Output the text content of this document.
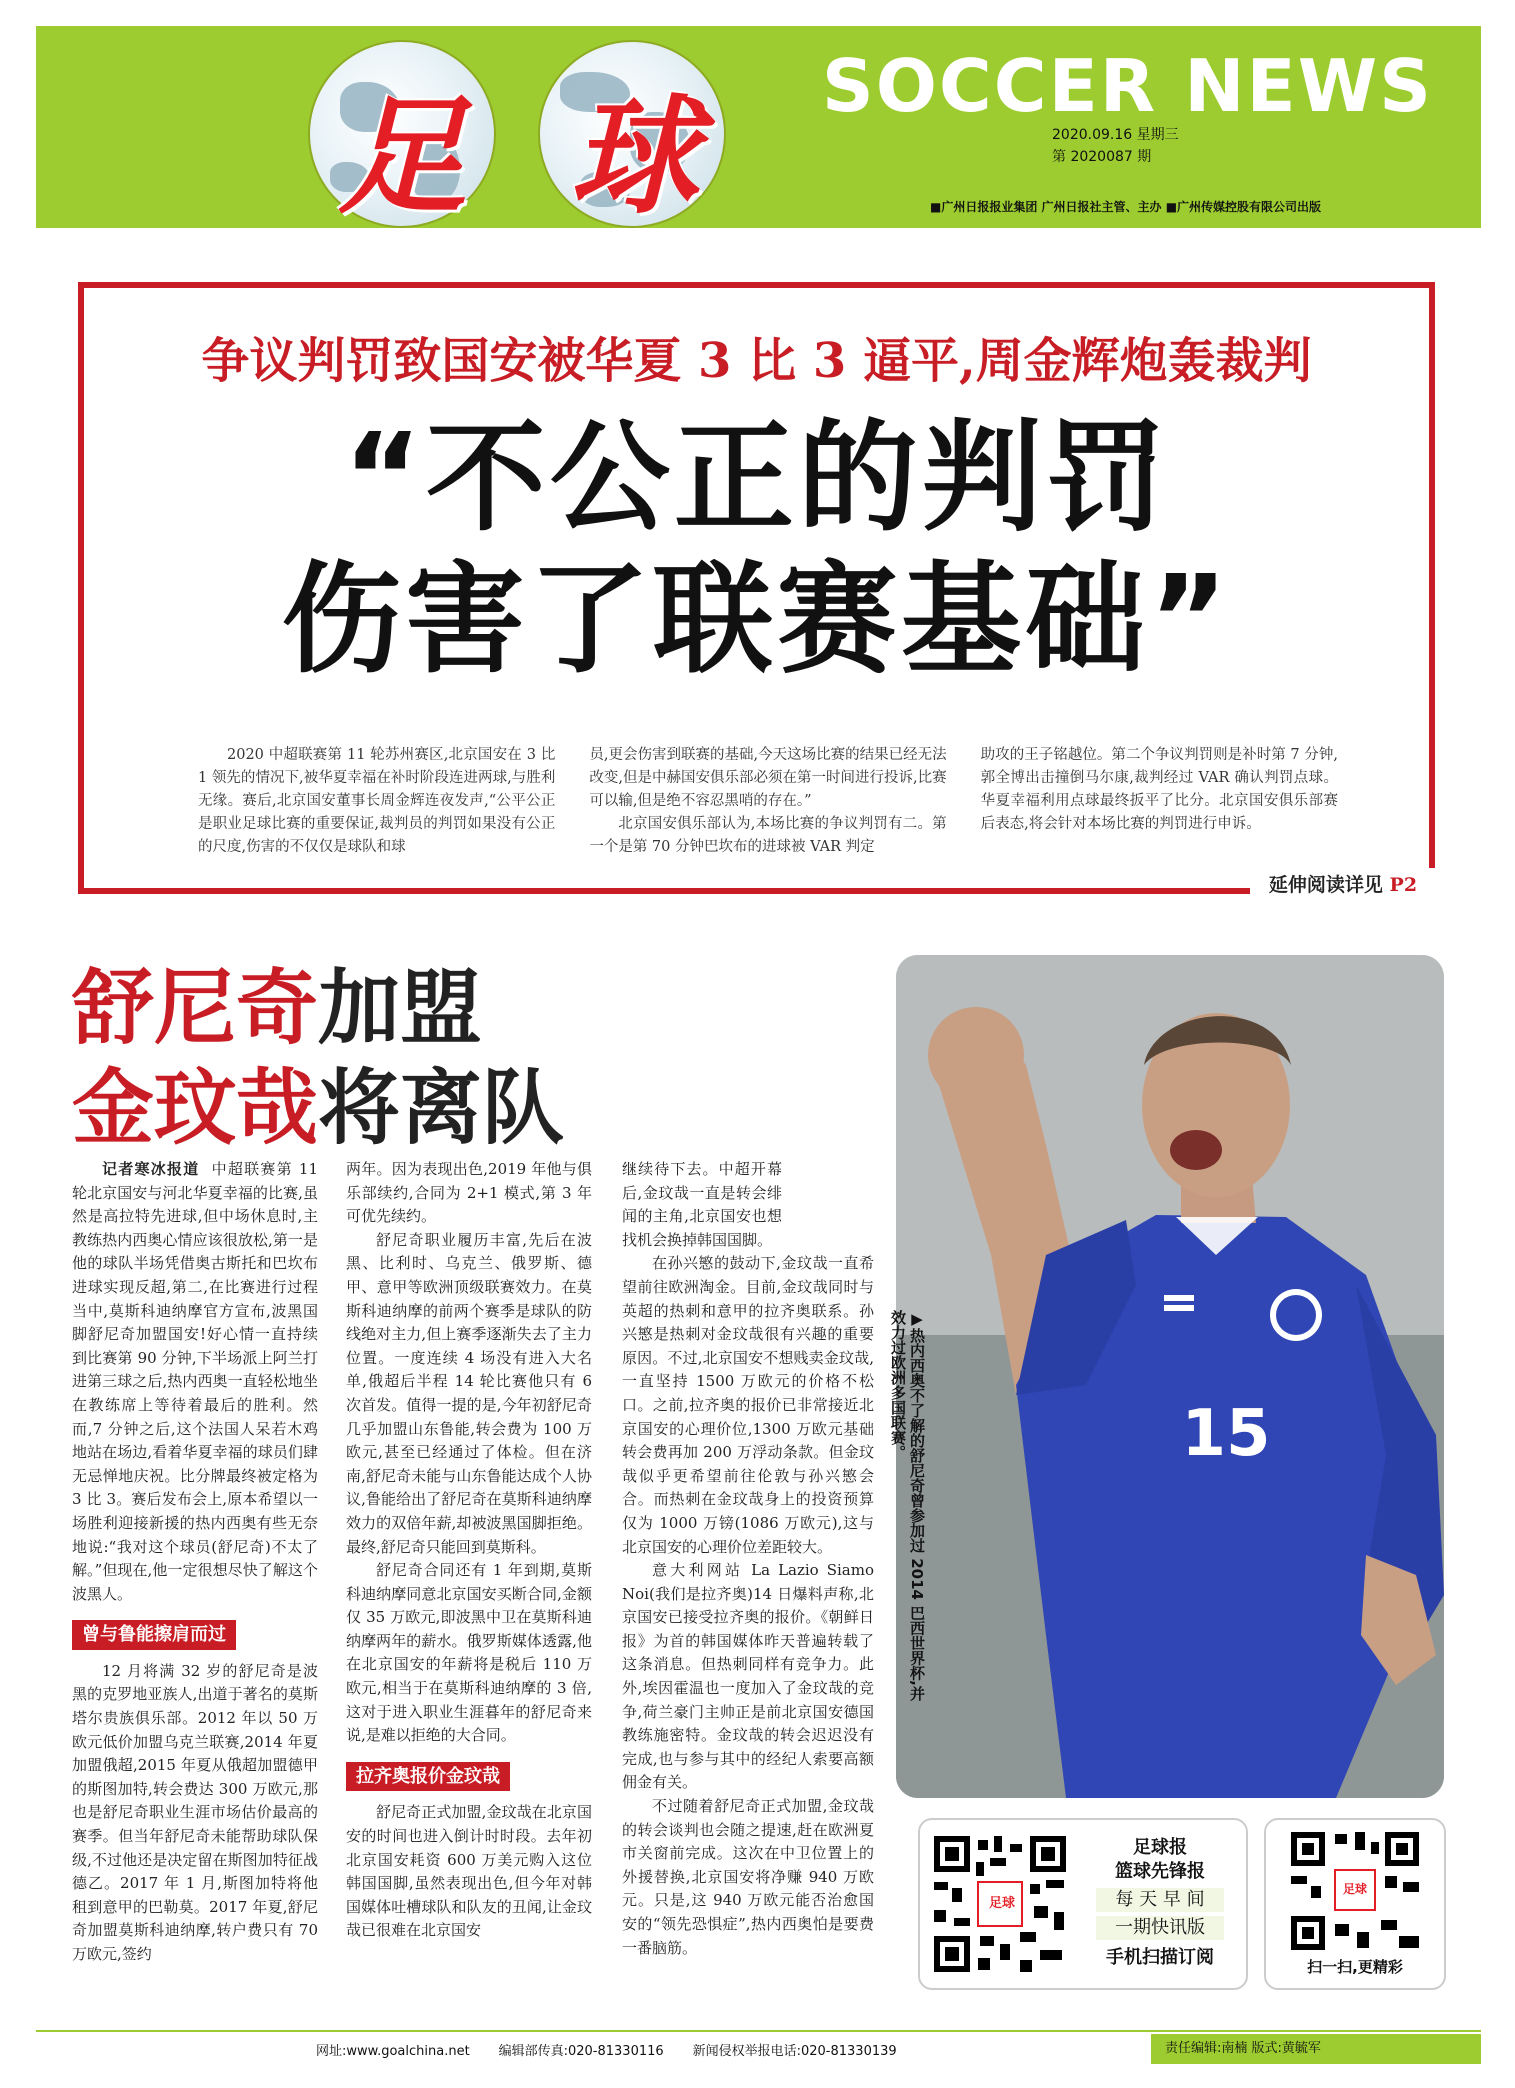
足 球 SOCCER NEWS
2020.09.16 星期三
第 2020087 期
■广州日报报业集团 广州日报社主管、主办 ■广州传媒控股有限公司出版
争议判罚致国安被华夏 3 比 3 逼平,周金辉炮轰裁判
“不公正的判罚
伤害了联赛基础”

2020 中超联赛第 11 轮苏州赛区,北京国安在 3 比 1 领先的情况下,被华夏幸福在补时阶段连进两球,与胜利无缘。赛后,北京国安董事长周金辉连夜发声,“公平公正是职业足球比赛的重要保证,裁判员的判罚如果没有公正的尺度,伤害的不仅仅是球队和球

员,更会伤害到联赛的基础,今天这场比赛的结果已经无法改变,但是中赫国安俱乐部必须在第一时间进行投诉,比赛可以输,但是绝不容忍黑哨的存在。”

北京国安俱乐部认为,本场比赛的争议判罚有二。第一个是第 70 分钟巴坎布的进球被 VAR 判定

助攻的王子铭越位。第二个争议判罚则是补时第 7 分钟,郭全博出击撞倒马尔康,裁判经过 VAR 确认判罚点球。华夏幸福利用点球最终扳平了比分。北京国安俱乐部赛后表态,将会针对本场比赛的判罚进行申诉。

延伸阅读详见 P2
舒尼奇加盟
金玟哉将离队

记者寒冰报道 中超联赛第 11 轮北京国安与河北华夏幸福的比赛,虽然是高拉特先进球,但中场休息时,主教练热内西奥心情应该很放松,第一是他的球队半场凭借奥古斯托和巴坎布进球实现反超,第二,在比赛进行过程当中,莫斯科迪纳摩官方宣布,波黑国脚舒尼奇加盟国安!好心情一直持续到比赛第 90 分钟,下半场派上阿兰打进第三球之后,热内西奥一直轻松地坐在教练席上等待着最后的胜利。然而,7 分钟之后,这个法国人呆若木鸡地站在场边,看着华夏幸福的球员们肆无忌惮地庆祝。比分牌最终被定格为 3 比 3。赛后发布会上,原本希望以一场胜利迎接新援的热内西奥有些无奈地说:“我对这个球员(舒尼奇)不太了解。”但现在,他一定很想尽快了解这个波黑人。

曾与鲁能擦肩而过

12 月将满 32 岁的舒尼奇是波黑的克罗地亚族人,出道于著名的莫斯塔尔贵族俱乐部。2012 年以 50 万欧元低价加盟乌克兰联赛,2014 年夏加盟俄超,2015 年夏从俄超加盟德甲的斯图加特,转会费达 300 万欧元,那也是舒尼奇职业生涯市场估价最高的赛季。但当年舒尼奇未能帮助球队保级,不过他还是决定留在斯图加特征战德乙。2017 年 1 月,斯图加特将他租到意甲的巴勒莫。2017 年夏,舒尼奇加盟莫斯科迪纳摩,转户费只有 70 万欧元,签约

两年。因为表现出色,2019 年他与俱乐部续约,合同为 2+1 模式,第 3 年可优先续约。

舒尼奇职业履历丰富,先后在波黑、比利时、乌克兰、俄罗斯、德甲、意甲等欧洲顶级联赛效力。在莫斯科迪纳摩的前两个赛季是球队的防线绝对主力,但上赛季逐渐失去了主力位置。一度连续 4 场没有进入大名单,俄超后半程 14 轮比赛他只有 6 次首发。值得一提的是,今年初舒尼奇几乎加盟山东鲁能,转会费为 100 万欧元,甚至已经通过了体检。但在济南,舒尼奇未能与山东鲁能达成个人协议,鲁能给出了舒尼奇在莫斯科迪纳摩效力的双倍年薪,却被波黑国脚拒绝。最终,舒尼奇只能回到莫斯科。

舒尼奇合同还有 1 年到期,莫斯科迪纳摩同意北京国安买断合同,金额仅 35 万欧元,即波黑中卫在莫斯科迪纳摩两年的薪水。俄罗斯媒体透露,他在北京国安的年薪将是税后 110 万欧元,相当于在莫斯科迪纳摩的 3 倍,这对于进入职业生涯暮年的舒尼奇来说,是难以拒绝的大合同。

拉齐奥报价金玟哉

舒尼奇正式加盟,金玟哉在北京国安的时间也进入倒计时时段。去年初北京国安耗资 600 万美元购入这位韩国国脚,虽然表现出色,但今年对韩国媒体吐槽球队和队友的丑闻,让金玟哉已很难在北京国安

继续待下去。中超开幕后,金玟哉一直是转会绯闻的主角,北京国安也想找机会换掉韩国国脚。

在孙兴慜的鼓动下,金玟哉一直希望前往欧洲淘金。目前,金玟哉同时与英超的热刺和意甲的拉齐奥联系。孙兴慜是热刺对金玟哉很有兴趣的重要原因。不过,北京国安不想贱卖金玟哉,一直坚持 1500 万欧元的价格不松口。之前,拉齐奥的报价已非常接近北京国安的心理价位,1300 万欧元基础转会费再加 200 万浮动条款。但金玟哉似乎更希望前往伦敦与孙兴慜会合。而热刺在金玟哉身上的投资预算仅为 1000 万镑(1086 万欧元),这与北京国安的心理价位差距较大。

意大利网站 La Lazio Siamo Noi(我们是拉齐奥)14 日爆料声称,北京国安已接受拉齐奥的报价。《朝鲜日报》为首的韩国媒体昨天普遍转载了这条消息。但热刺同样有竞争力。此外,埃因霍温也一度加入了金玟哉的竞争,荷兰豪门主帅正是前北京国安德国教练施密特。金玟哉的转会迟迟没有完成,也与参与其中的经纪人索要高额佣金有关。

不过随着舒尼奇正式加盟,金玟哉的转会谈判也会随之提速,赶在欧洲夏市关窗前完成。这次在中卫位置上的外援替换,北京国安将净赚 940 万欧元。只是,这 940 万欧元能否治愈国安的“领先恐惧症”,热内西奥怕是要费一番脑筋。

15
▶热内西奥不了解的舒尼奇曾参加过 2014 巴西世界杯,并效力过欧洲多国联赛。
足球
足球报
篮球先锋报
每 天 早 间
一期快讯版
手机扫描订阅
足球
扫一扫,更精彩
网址:www.goalchina.net 编辑部传真:020-81330116 新闻侵权举报电话:020-81330139	责任编辑:南楠 版式:黄毓军
